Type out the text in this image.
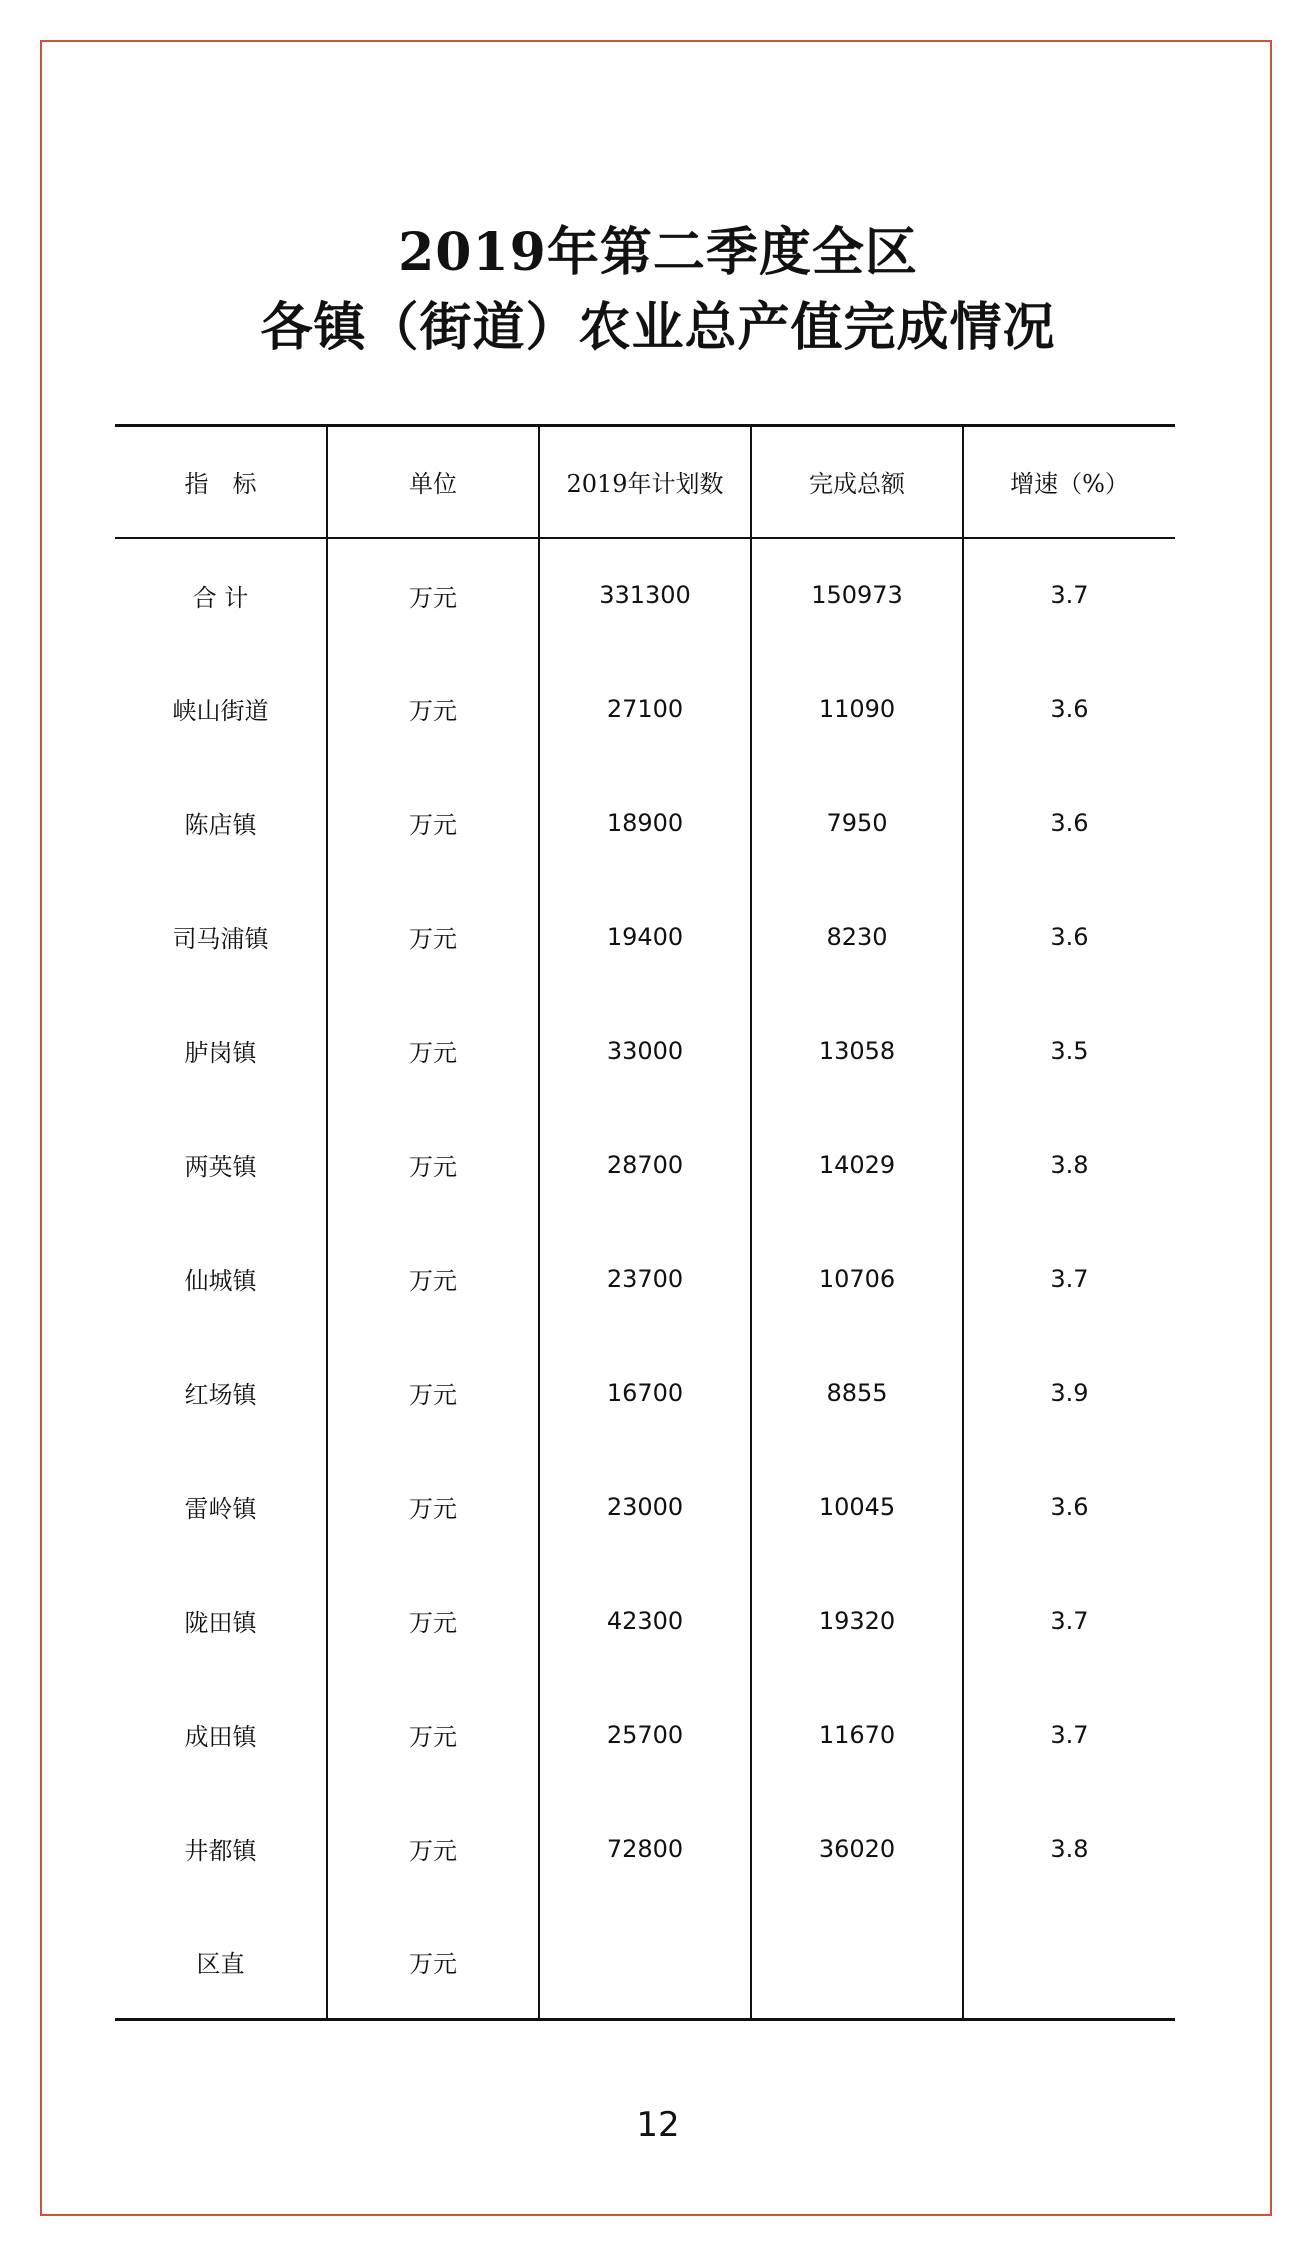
2019年第二季度全区
各镇（街道）农业总产值完成情况
指　标	单位	2019年计划数	完成总额	增速（%）
合 计	万元	331300	150973	3.7
峡山街道	万元	27100	11090	3.6
陈店镇	万元	18900	7950	3.6
司马浦镇	万元	19400	8230	3.6
胪岗镇	万元	33000	13058	3.5
两英镇	万元	28700	14029	3.8
仙城镇	万元	23700	10706	3.7
红场镇	万元	16700	8855	3.9
雷岭镇	万元	23000	10045	3.6
陇田镇	万元	42300	19320	3.7
成田镇	万元	25700	11670	3.7
井都镇	万元	72800	36020	3.8
区直	万元			
12
